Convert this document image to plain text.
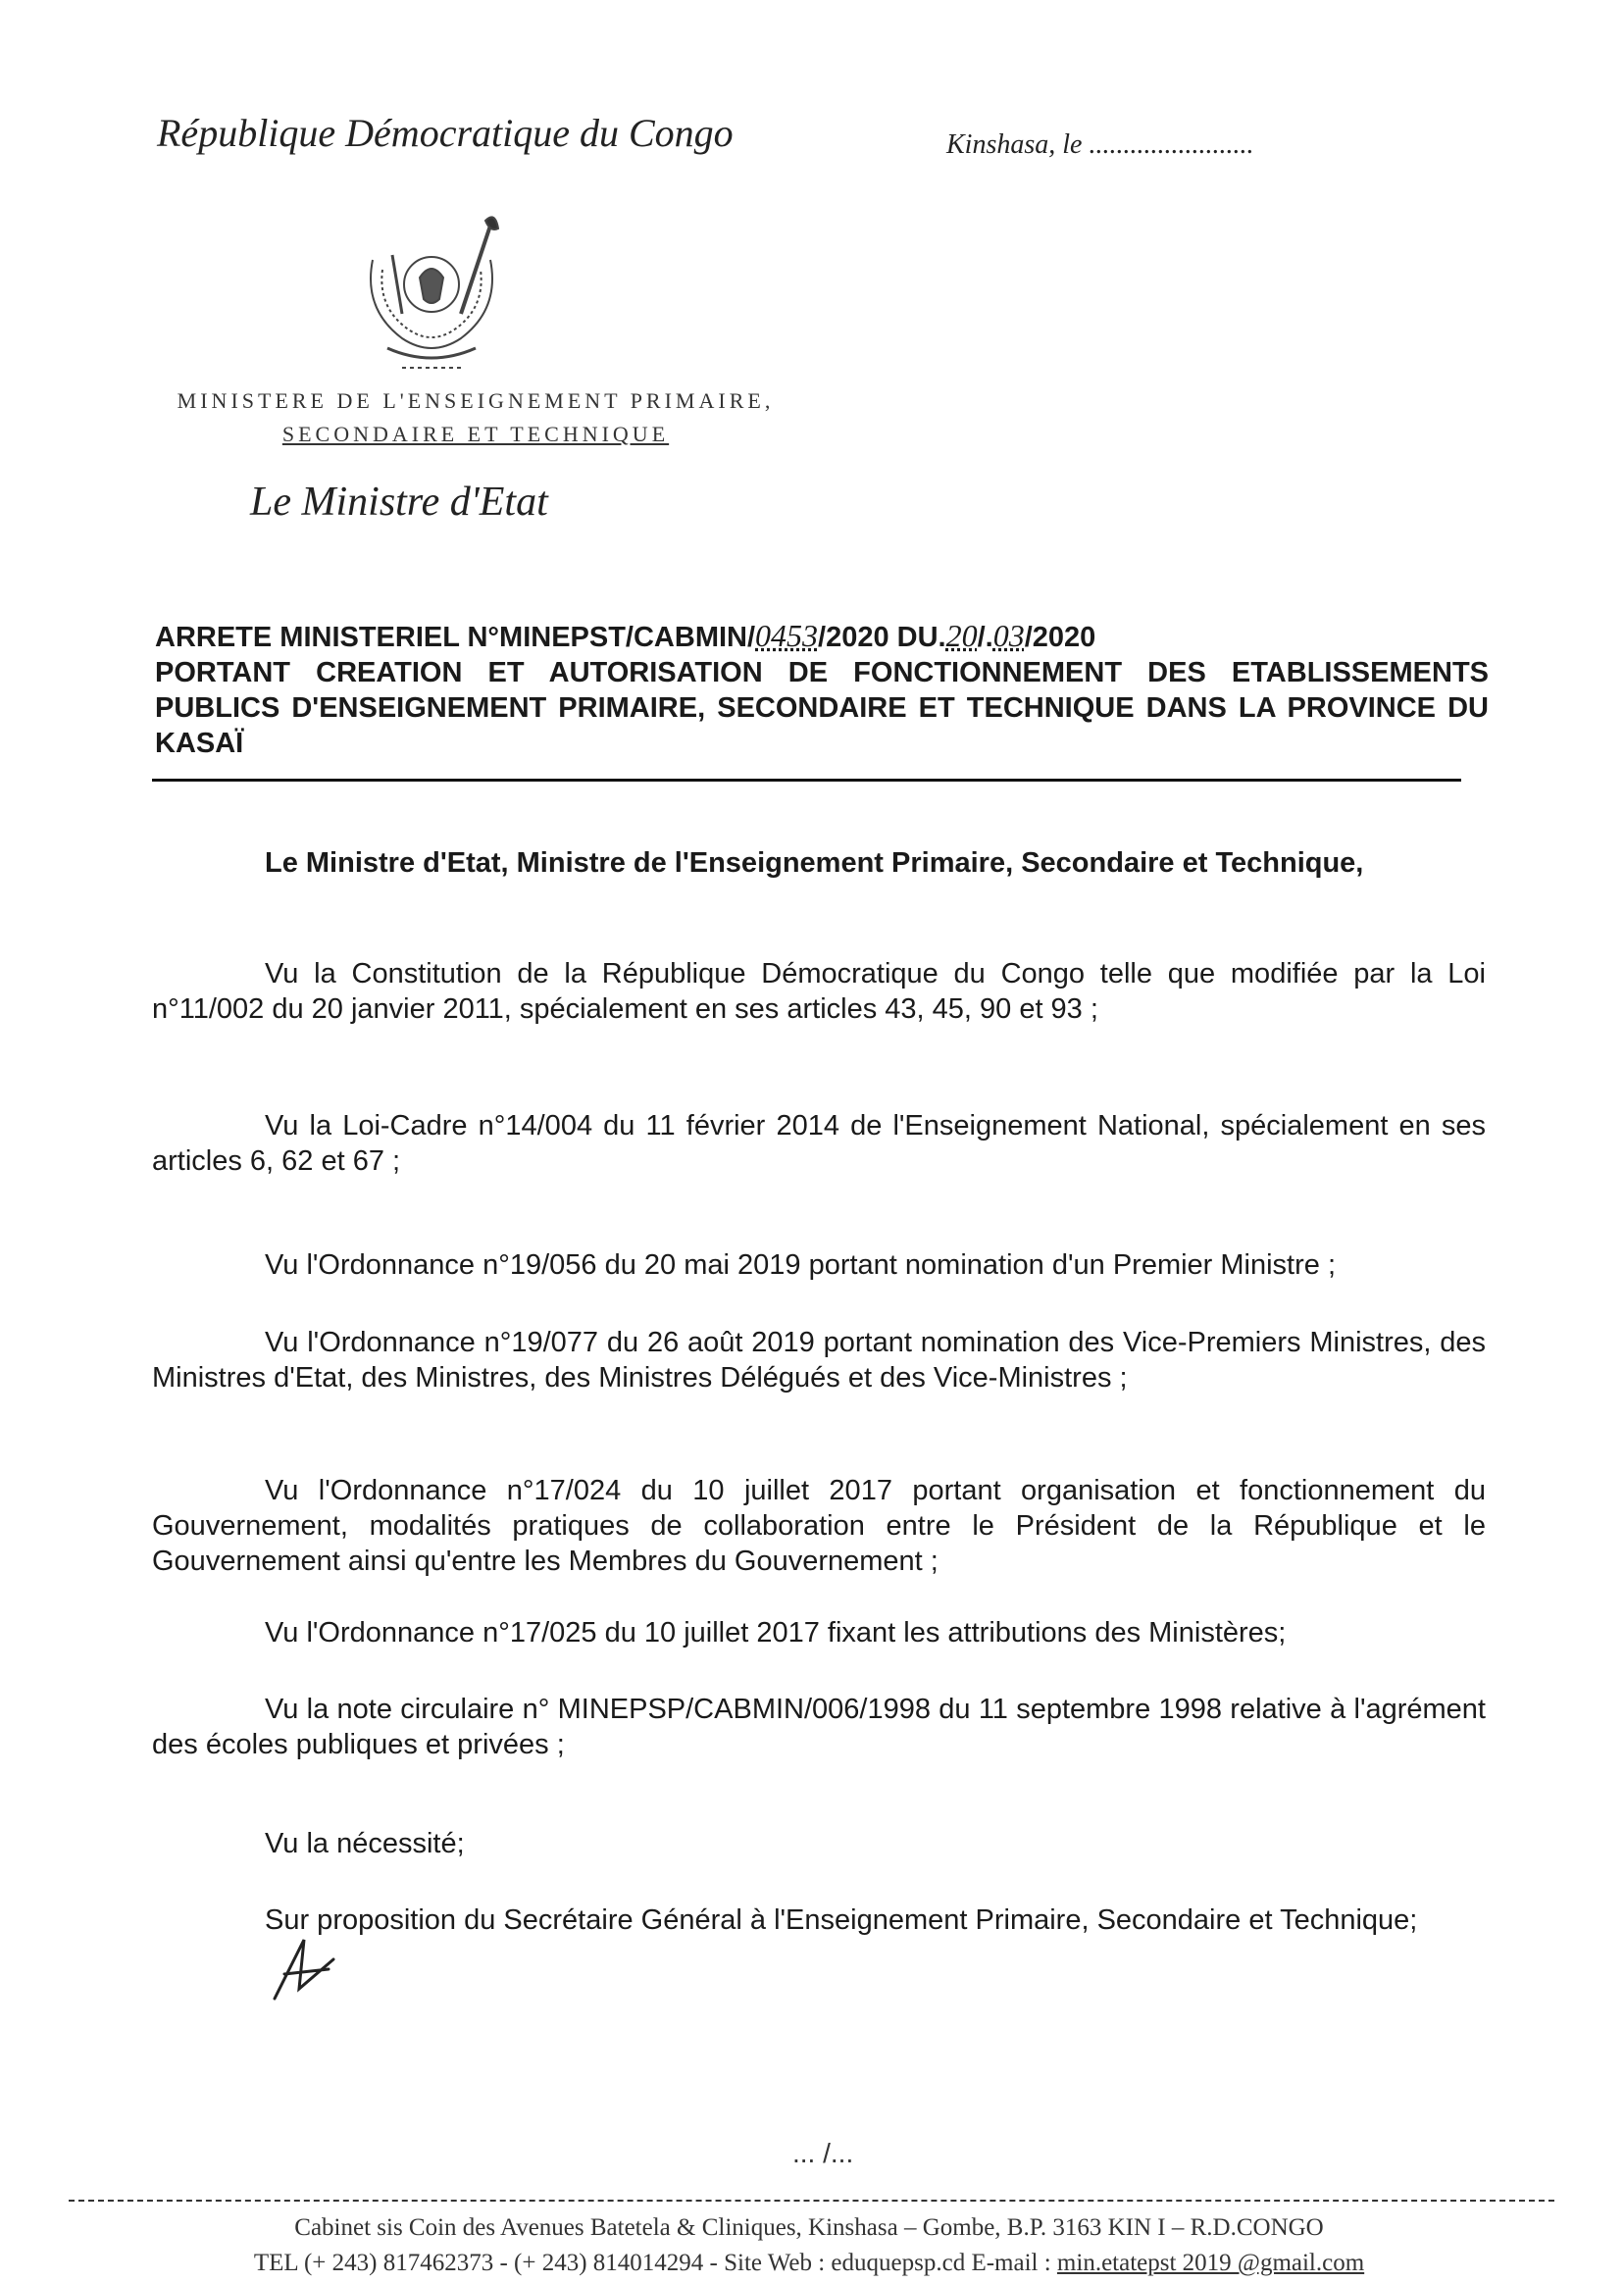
République Démocratique du Congo	Kinshasa, le ........................
MINISTERE DE L'ENSEIGNEMENT PRIMAIRE,
SECONDAIRE ET TECHNIQUE
Le Ministre d'Etat
ARRETE MINISTERIEL N°MINEPST/CABMIN/0453/2020 DU.20/.03/2020
PORTANT CREATION ET AUTORISATION DE FONCTIONNEMENT DES ETABLISSEMENTS PUBLICS D'ENSEIGNEMENT PRIMAIRE, SECONDAIRE ET TECHNIQUE DANS LA PROVINCE DU KASAÏ
Le Ministre d'Etat, Ministre de l'Enseignement Primaire, Secondaire et Technique,
Vu la Constitution de la République Démocratique du Congo telle que modifiée par la Loi n°11/002 du 20 janvier 2011, spécialement en ses articles 43, 45, 90 et 93 ;
Vu la Loi-Cadre n°14/004 du 11 février 2014 de l'Enseignement National, spécialement en ses articles 6, 62 et 67 ;
Vu l'Ordonnance n°19/056 du 20 mai 2019 portant nomination d'un Premier Ministre ;
Vu l'Ordonnance n°19/077 du 26 août 2019 portant nomination des Vice-Premiers Ministres, des Ministres d'Etat, des Ministres, des Ministres Délégués et des Vice-Ministres ;
Vu l'Ordonnance n°17/024 du 10 juillet 2017 portant organisation et fonctionnement du Gouvernement, modalités pratiques de collaboration entre le Président de la République et le Gouvernement ainsi qu'entre les Membres du Gouvernement ;
Vu l'Ordonnance n°17/025 du 10 juillet 2017 fixant les attributions des Ministères;
Vu la note circulaire n° MINEPSP/CABMIN/006/1998 du 11 septembre 1998 relative à l'agrément des écoles publiques et privées ;
Vu la nécessité;
Sur proposition du Secrétaire Général à l'Enseignement Primaire, Secondaire et Technique;
... /...
Cabinet sis Coin des Avenues Batetela & Cliniques, Kinshasa – Gombe, B.P. 3163 KIN I – R.D.CONGO
TEL (+ 243) 817462373 - (+ 243) 814014294 - Site Web : eduquepsp.cd E-mail : min.etatepst 2019 @gmail.com
